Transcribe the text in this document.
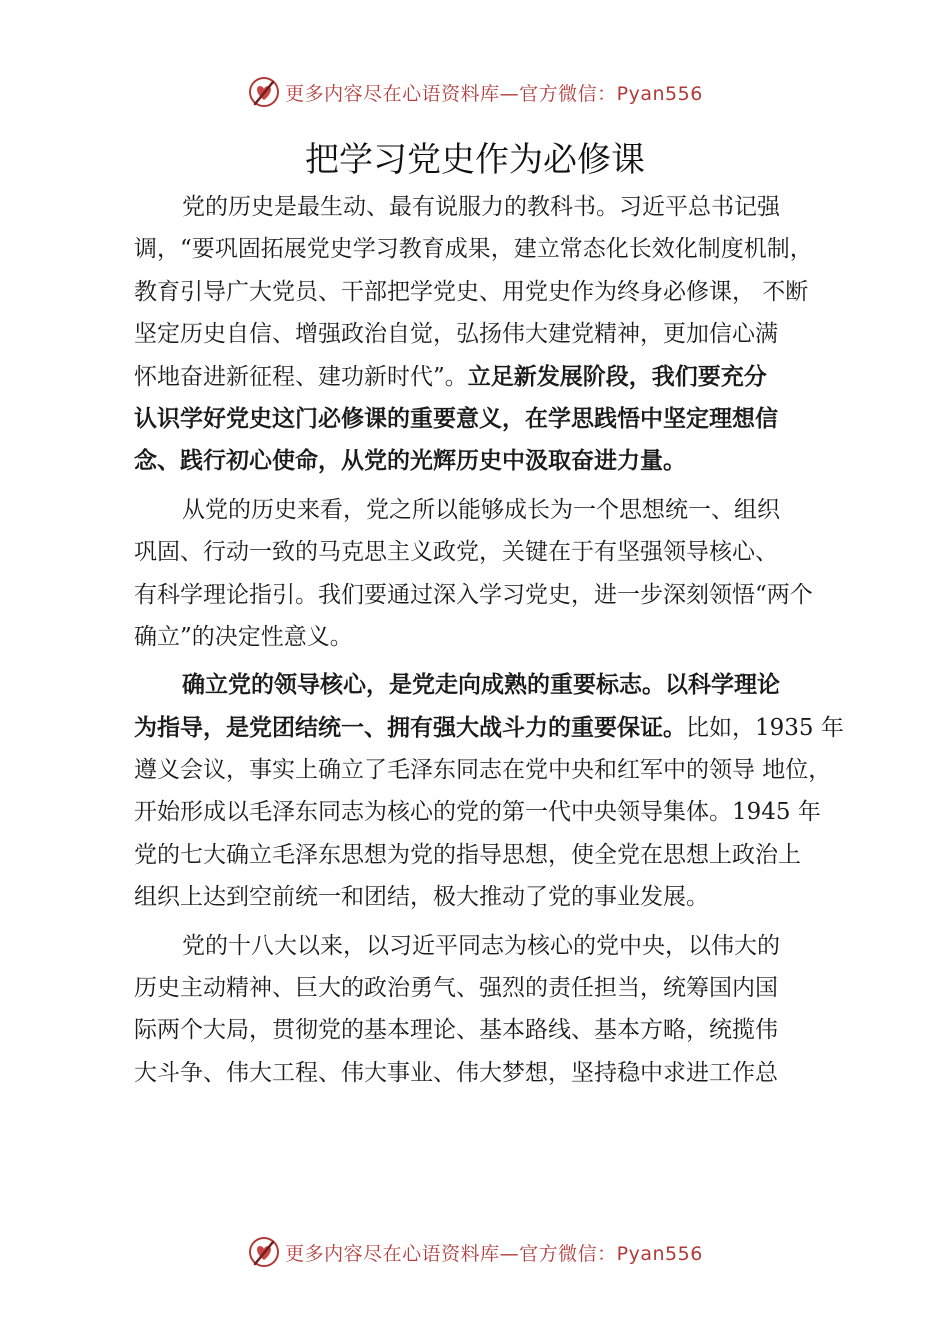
更多内容尽在心语资料库—官方微信：Pyan556
把学习党史作为必修课
党的历史是最生动、最有说服力的教科书。习近平总书记强
调，“要巩固拓展党史学习教育成果，建立常态化长效化制度机制，
教育引导广大党员、干部把学党史、用党史作为终身必修课， 不断
坚定历史自信、增强政治自觉，弘扬伟大建党精神，更加信心满
怀地奋进新征程、建功新时代”。立足新发展阶段，我们要充分
认识学好党史这门必修课的重要意义，在学思践悟中坚定理想信
念、践行初心使命，从党的光辉历史中汲取奋进力量。
从党的历史来看，党之所以能够成长为一个思想统一、组织
巩固、行动一致的马克思主义政党，关键在于有坚强领导核心、
有科学理论指引。我们要通过深入学习党史，进一步深刻领悟“两个
确立”的决定性意义。
确立党的领导核心，是党走向成熟的重要标志。以科学理论
为指导，是党团结统一、拥有强大战斗力的重要保证。比如，1935 年
遵义会议，事实上确立了毛泽东同志在党中央和红军中的领导 地位，
开始形成以毛泽东同志为核心的党的第一代中央领导集体。1945 年
党的七大确立毛泽东思想为党的指导思想，使全党在思想上政治上
组织上达到空前统一和团结，极大推动了党的事业发展。
党的十八大以来，以习近平同志为核心的党中央，以伟大的
历史主动精神、巨大的政治勇气、强烈的责任担当，统筹国内国
际两个大局，贯彻党的基本理论、基本路线、基本方略，统揽伟
大斗争、伟大工程、伟大事业、伟大梦想，坚持稳中求进工作总
更多内容尽在心语资料库—官方微信：Pyan556
